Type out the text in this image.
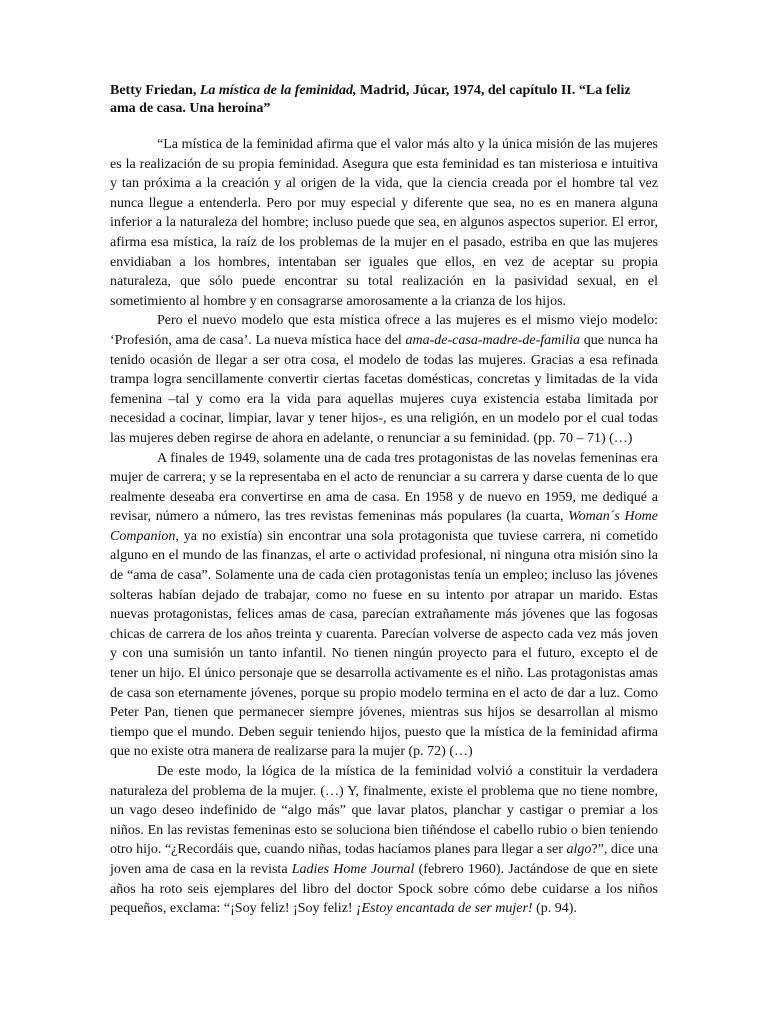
Betty Friedan, La mística de la feminidad, Madrid, Júcar, 1974, del capítulo II. “La feliz ama de casa. Una heroína”

“La mística de la feminidad afirma que el valor más alto y la única misión de las mujeres es la realización de su propia feminidad. Asegura que esta feminidad es tan misteriosa e intuitiva y tan próxima a la creación y al origen de la vida, que la ciencia creada por el hombre tal vez nunca llegue a entenderla. Pero por muy especial y diferente que sea, no es en manera alguna inferior a la naturaleza del hombre; incluso puede que sea, en algunos aspectos superior. El error, afirma esa mística, la raíz de los problemas de la mujer en el pasado, estriba en que las mujeres envidiaban a los hombres, intentaban ser iguales que ellos, en vez de aceptar su propia naturaleza, que sólo puede encontrar su total realización en la pasividad sexual, en el sometimiento al hombre y en consagrarse amorosamente a la crianza de los hijos.

Pero el nuevo modelo que esta mística ofrece a las mujeres es el mismo viejo modelo: ‘Profesión, ama de casa’. La nueva mística hace del ama-de-casa-madre-de-familia que nunca ha tenido ocasión de llegar a ser otra cosa, el modelo de todas las mujeres. Gracias a esa refinada trampa logra sencillamente convertir ciertas facetas domésticas, concretas y limitadas de la vida femenina –tal y como era la vida para aquellas mujeres cuya existencia estaba limitada por necesidad a cocinar, limpiar, lavar y tener hijos-, es una religión, en un modelo por el cual todas las mujeres deben regirse de ahora en adelante, o renunciar a su feminidad. (pp. 70 – 71) (…)

A finales de 1949, solamente una de cada tres protagonistas de las novelas femeninas era mujer de carrera; y se la representaba en el acto de renunciar a su carrera y darse cuenta de lo que realmente deseaba era convertirse en ama de casa. En 1958 y de nuevo en 1959, me dediqué a revisar, número a número, las tres revistas femeninas más populares (la cuarta, Woman´s Home Companion, ya no existía) sin encontrar una sola protagonista que tuviese carrera, ni cometido alguno en el mundo de las finanzas, el arte o actividad profesional, ni ninguna otra misión sino la de “ama de casa”. Solamente una de cada cien protagonistas tenía un empleo; incluso las jóvenes solteras habían dejado de trabajar, como no fuese en su intento por atrapar un marido. Estas nuevas protagonistas, felices amas de casa, parecían extrañamente más jóvenes que las fogosas chicas de carrera de los años treinta y cuarenta. Parecían volverse de aspecto cada vez más joven y con una sumisión un tanto infantil. No tienen ningún proyecto para el futuro, excepto el de tener un hijo. El único personaje que se desarrolla activamente es el niño. Las protagonistas amas de casa son eternamente jóvenes, porque su propio modelo termina en el acto de dar a luz. Como Peter Pan, tienen que permanecer siempre jóvenes, mientras sus hijos se desarrollan al mismo tiempo que el mundo. Deben seguir teniendo hijos, puesto que la mística de la feminidad afirma que no existe otra manera de realizarse para la mujer (p. 72) (…)

De este modo, la lógica de la mística de la feminidad volvió a constituir la verdadera naturaleza del problema de la mujer. (…) Y, finalmente, existe el problema que no tiene nombre, un vago deseo indefinido de “algo más” que lavar platos, planchar y castigar o premiar a los niños. En las revistas femeninas esto se soluciona bien tiñéndose el cabello rubio o bien teniendo otro hijo. “¿Recordáis que, cuando niñas, todas hacíamos planes para llegar a ser algo?”, dice una joven ama de casa en la revista Ladies Home Journal (febrero 1960). Jactándose de que en siete años ha roto seis ejemplares del libro del doctor Spock sobre cómo debe cuidarse a los niños pequeños, exclama: “¡Soy feliz! ¡Soy feliz! ¡Estoy encantada de ser mujer! (p. 94).
